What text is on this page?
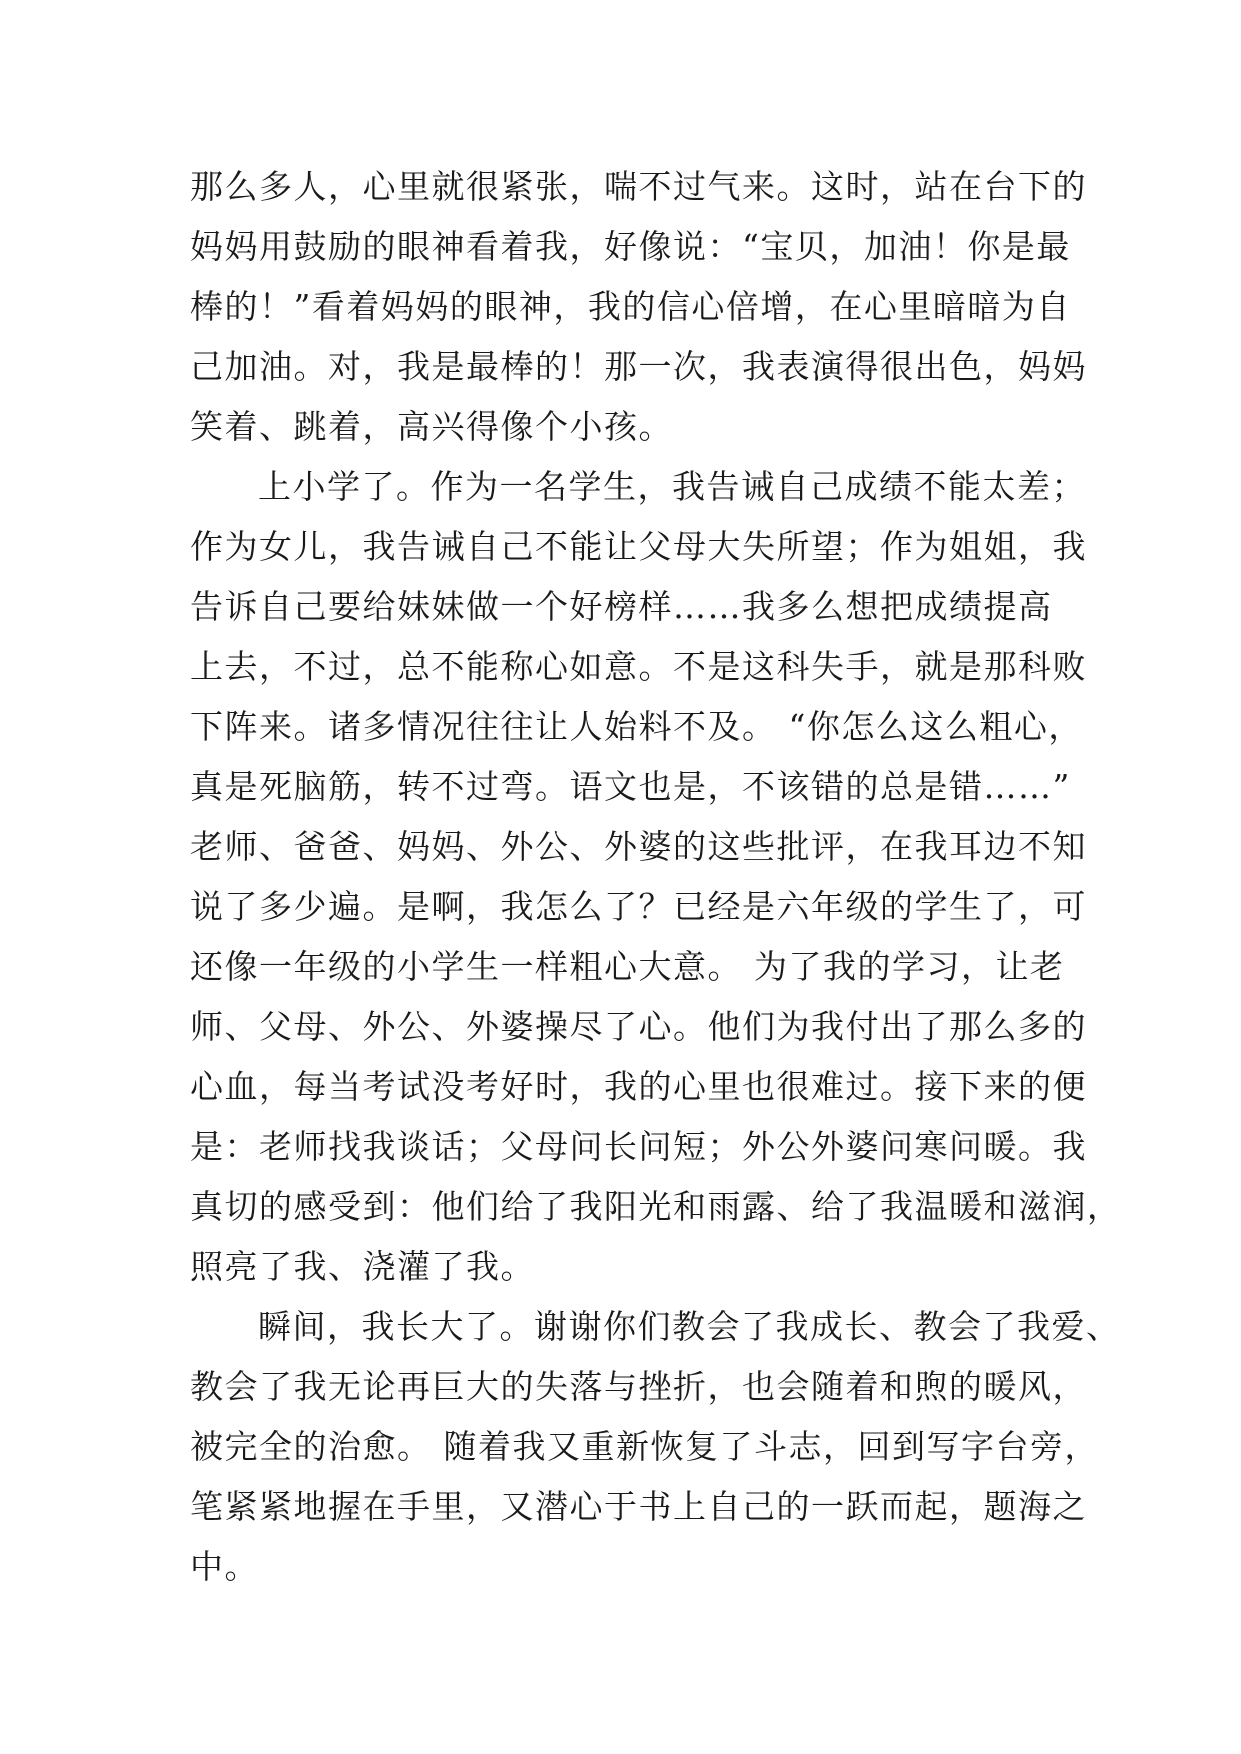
那么多人，心里就很紧张，喘不过气来。这时，站在台下的
妈妈用鼓励的眼神看着我，好像说：“宝贝，加油！你是最
棒的！”看着妈妈的眼神，我的信心倍增，在心里暗暗为自
己加油。对，我是最棒的！那一次，我表演得很出色，妈妈
笑着、跳着，高兴得像个小孩。
上小学了。作为一名学生，我告诫自己成绩不能太差；
作为女儿，我告诫自己不能让父母大失所望；作为姐姐，我
告诉自己要给妹妹做一个好榜样……我多么想把成绩提高
上去，不过，总不能称心如意。不是这科失手，就是那科败
下阵来。诸多情况往往让人始料不及。 “你怎么这么粗心，
真是死脑筋，转不过弯。语文也是，不该错的总是错……”
老师、爸爸、妈妈、外公、外婆的这些批评，在我耳边不知
说了多少遍。是啊，我怎么了？已经是六年级的学生了，可
还像一年级的小学生一样粗心大意。 为了我的学习，让老
师、父母、外公、外婆操尽了心。他们为我付出了那么多的
心血，每当考试没考好时，我的心里也很难过。接下来的便
是：老师找我谈话；父母问长问短；外公外婆问寒问暖。我
真切的感受到：他们给了我阳光和雨露、给了我温暖和滋润，
照亮了我、浇灌了我。
瞬间，我长大了。谢谢你们教会了我成长、教会了我爱、
教会了我无论再巨大的失落与挫折，也会随着和煦的暖风，
被完全的治愈。 随着我又重新恢复了斗志，回到写字台旁，
笔紧紧地握在手里，又潜心于书上自己的一跃而起，题海之
中。
